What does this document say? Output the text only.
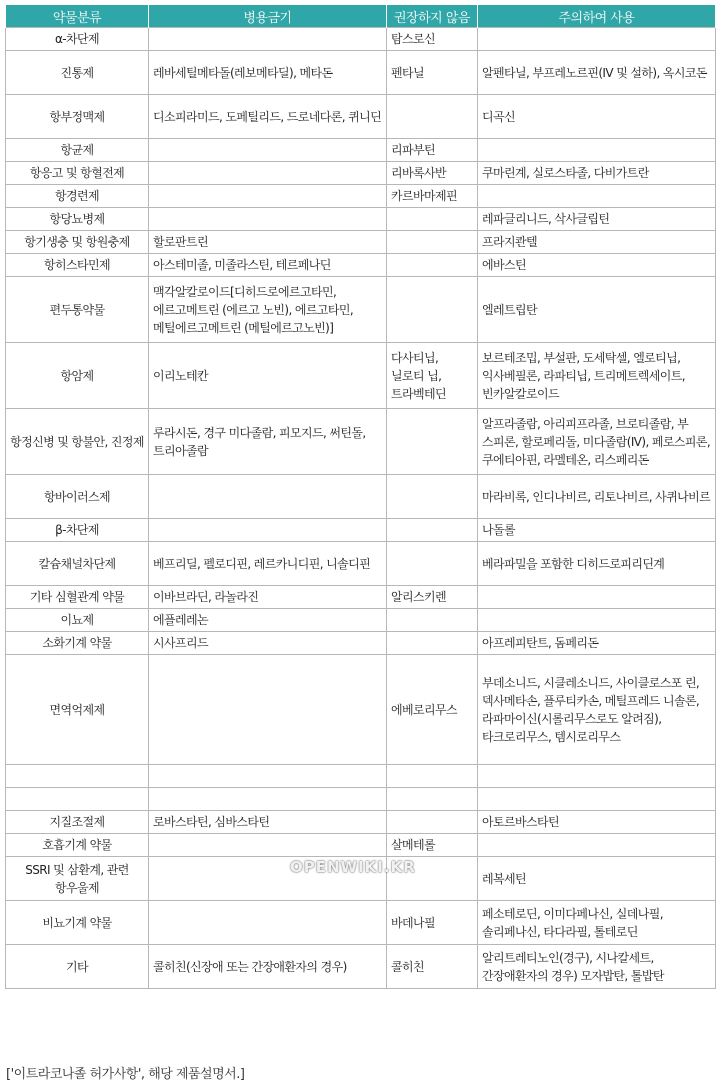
약물분류	병용금기	권장하지 않음	주의하여 사용
α-차단제		탐스로신	
진통제	레바세틸메타돌(레보메타딜), 메타돈	펜타닐	알펜타닐, 부프레노르핀(IV 및 설하), 옥시코돈
항부정맥제	디소피라미드, 도페틸리드, 드로네다론, 퀴니딘		디곡신
항균제		리파부틴	
항응고 및 항혈전제		리바록사반	쿠마린계, 실로스타졸, 다비가트란
항경련제		카르바마제핀	
항당뇨병제			레파글리니드, 삭사글립틴
항기생충 및 항원충제	할로판트린		프라지콴텔
항히스타민제	아스테미졸, 미졸라스틴, 테르페나딘		에바스틴
편두통약물	맥각알칼로이드[디히드로에르고타민, 에르고메트린 (에르고 노빈), 에르고타민, 메틸에르고메트린 (메틸에르고노빈)]		엘레트립탄
항암제	이리노테칸	다사티닙, 닐로티 닙, 트라벡테딘	보르테조밉, 부설판, 도세탁셀, 엘로티닙, 익사베필론, 라파티닙, 트리메트렉세이트, 빈카알칼로이드
항정신병 및 항불안, 진정제	루라시돈, 경구 미다졸람, 피모지드, 써틴돌, 트리아졸람		알프라졸람, 아리피프라졸, 브로티졸람, 부 스피론, 할로페리돌, 미다졸람(IV), 페로스피론, 쿠에티아핀, 라멜테온, 리스페리돈
항바이러스제			마라비록, 인디나비르, 리토나비르, 사퀴나비르
β-차단제			나돌롤
칼슘채널차단제	베프리딜, 펠로디핀, 레르카니디핀, 니솔디핀		베라파밀을 포함한 디히드로피리딘계
기타 심혈관계 약물	이바브라딘, 라놀라진	알리스키렌	
이뇨제	에플레레논		
소화기계 약물	시사프리드		아프레피탄트, 돔페리돈
면역억제제		에베로리무스	부데소니드, 시클레소니드, 사이클로스포 린, 덱사메타손, 플루티카손, 메틸프레드 니솔론, 라파마이신(시롤리무스로도 알려짐), 타크로리무스, 템시로리무스

지질조절제	로바스타틴, 심바스타틴		아토르바스타틴
호흡기계 약물		살메테롤	
SSRI 및 삼환계, 관련 항우울제			레복세틴
비뇨기계 약물		바데나필	페소테로딘, 이미다페나신, 실데나필, 솔리페나신, 타다라필, 톨테로딘
기타	콜히친(신장애 또는 간장애환자의 경우)	콜히친	알리트레티노인(경구), 시나칼세트, 간장애환자의 경우) 모자밥탄, 톨밥탄
OPENWIKI.KR
['이트라코나졸 허가사항', 해당 제품설명서.]
